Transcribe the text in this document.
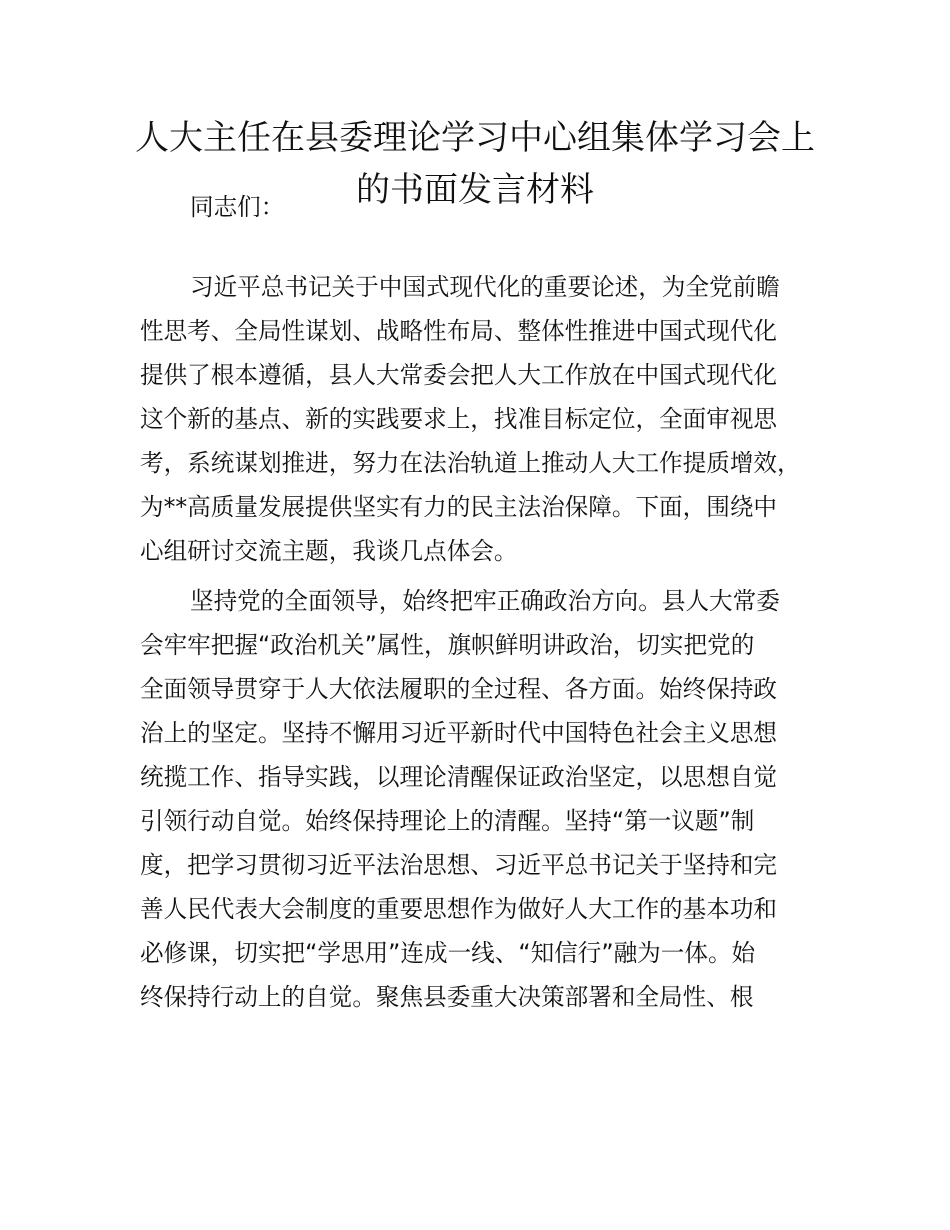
人大主任在县委理论学习中心组集体学习会上
的书面发言材料
同志们：
习近平总书记关于中国式现代化的重要论述，为全党前瞻
性思考、全局性谋划、战略性布局、整体性推进中国式现代化
提供了根本遵循，县人大常委会把人大工作放在中国式现代化
这个新的基点、新的实践要求上，找准目标定位，全面审视思
考，系统谋划推进，努力在法治轨道上推动人大工作提质增效，
为**高质量发展提供坚实有力的民主法治保障。下面，围绕中
心组研讨交流主题，我谈几点体会。
坚持党的全面领导，始终把牢正确政治方向。县人大常委
会牢牢把握“政治机关”属性，旗帜鲜明讲政治，切实把党的
全面领导贯穿于人大依法履职的全过程、各方面。始终保持政
治上的坚定。坚持不懈用习近平新时代中国特色社会主义思想
统揽工作、指导实践，以理论清醒保证政治坚定，以思想自觉
引领行动自觉。始终保持理论上的清醒。坚持“第一议题”制
度，把学习贯彻习近平法治思想、习近平总书记关于坚持和完
善人民代表大会制度的重要思想作为做好人大工作的基本功和
必修课，切实把“学思用”连成一线、“知信行”融为一体。始
终保持行动上的自觉。聚焦县委重大决策部署和全局性、根
